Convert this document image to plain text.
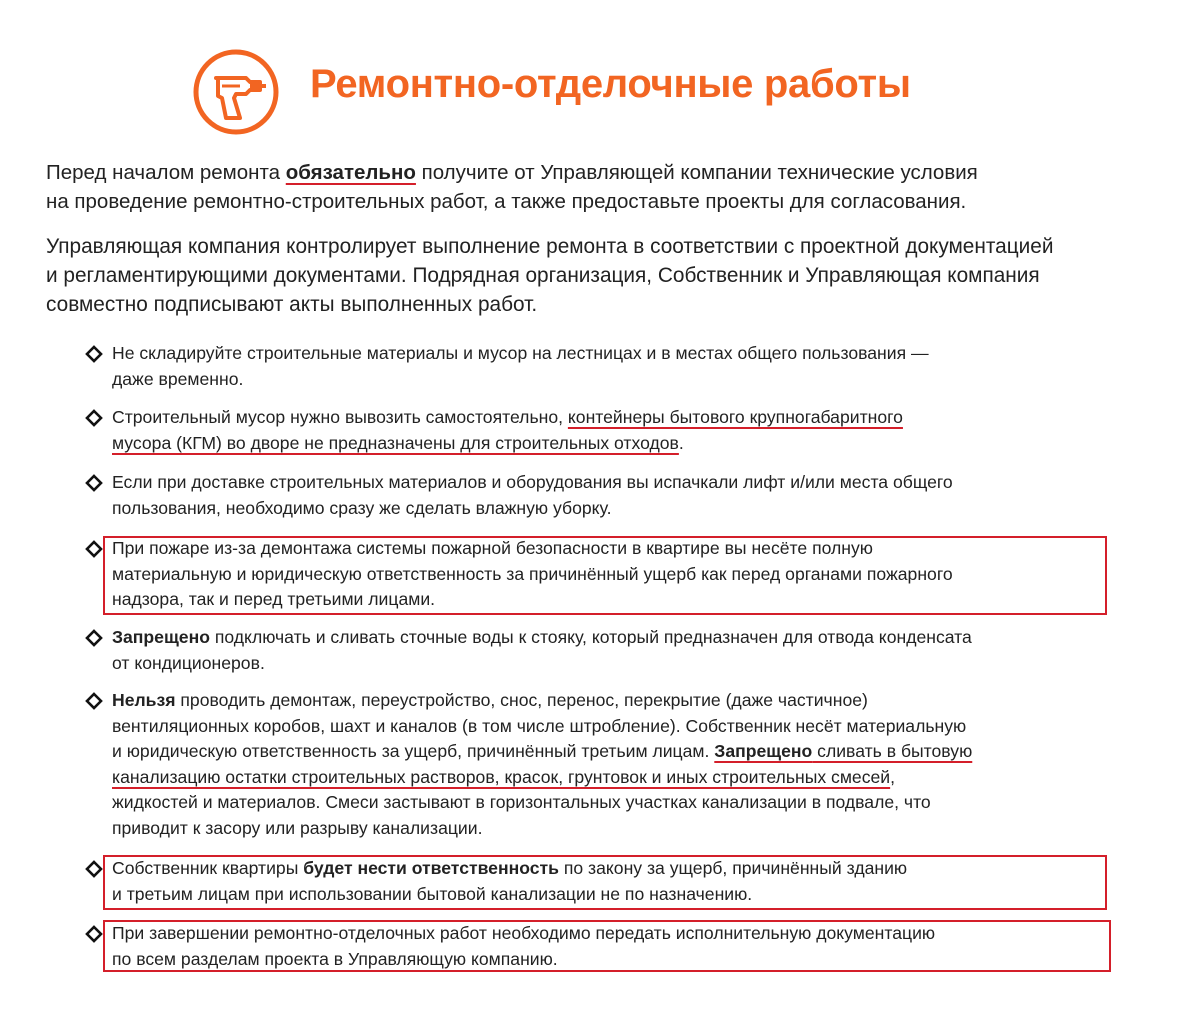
Ремонтно-отделочные работы

Перед началом ремонта обязательно получите от Управляющей компании технические условия
на проведение ремонтно-строительных работ, а также предоставьте проекты для согласования.

Управляющая компания контролирует выполнение ремонта в соответствии с проектной документацией
и регламентирующими документами. Подрядная организация, Собственник и Управляющая компания
совместно подписывают акты выполненных работ.

Не складируйте строительные материалы и мусор на лестницах и в местах общего пользования —
даже временно.
Строительный мусор нужно вывозить самостоятельно, контейнеры бытового крупногабаритного
мусора (КГМ) во дворе не предназначены для строительных отходов.
Если при доставке строительных материалов и оборудования вы испачкали лифт и/или места общего
пользования, необходимо сразу же сделать влажную уборку.
При пожаре из-за демонтажа системы пожарной безопасности в квартире вы несёте полную
материальную и юридическую ответственность за причинённый ущерб как перед органами пожарного
надзора, так и перед третьими лицами.
Запрещено подключать и сливать сточные воды к стояку, который предназначен для отвода конденсата
от кондиционеров.
Нельзя проводить демонтаж, переустройство, снос, перенос, перекрытие (даже частичное)
вентиляционных коробов, шахт и каналов (в том числе штробление). Собственник несёт материальную
и юридическую ответственность за ущерб, причинённый третьим лицам. Запрещено сливать в бытовую
канализацию остатки строительных растворов, красок, грунтовок и иных строительных смесей,
жидкостей и материалов. Смеси застывают в горизонтальных участках канализации в подвале, что
приводит к засору или разрыву канализации.
Собственник квартиры будет нести ответственность по закону за ущерб, причинённый зданию
и третьим лицам при использовании бытовой канализации не по назначению.
При завершении ремонтно-отделочных работ необходимо передать исполнительную документацию
по всем разделам проекта в Управляющую компанию.
